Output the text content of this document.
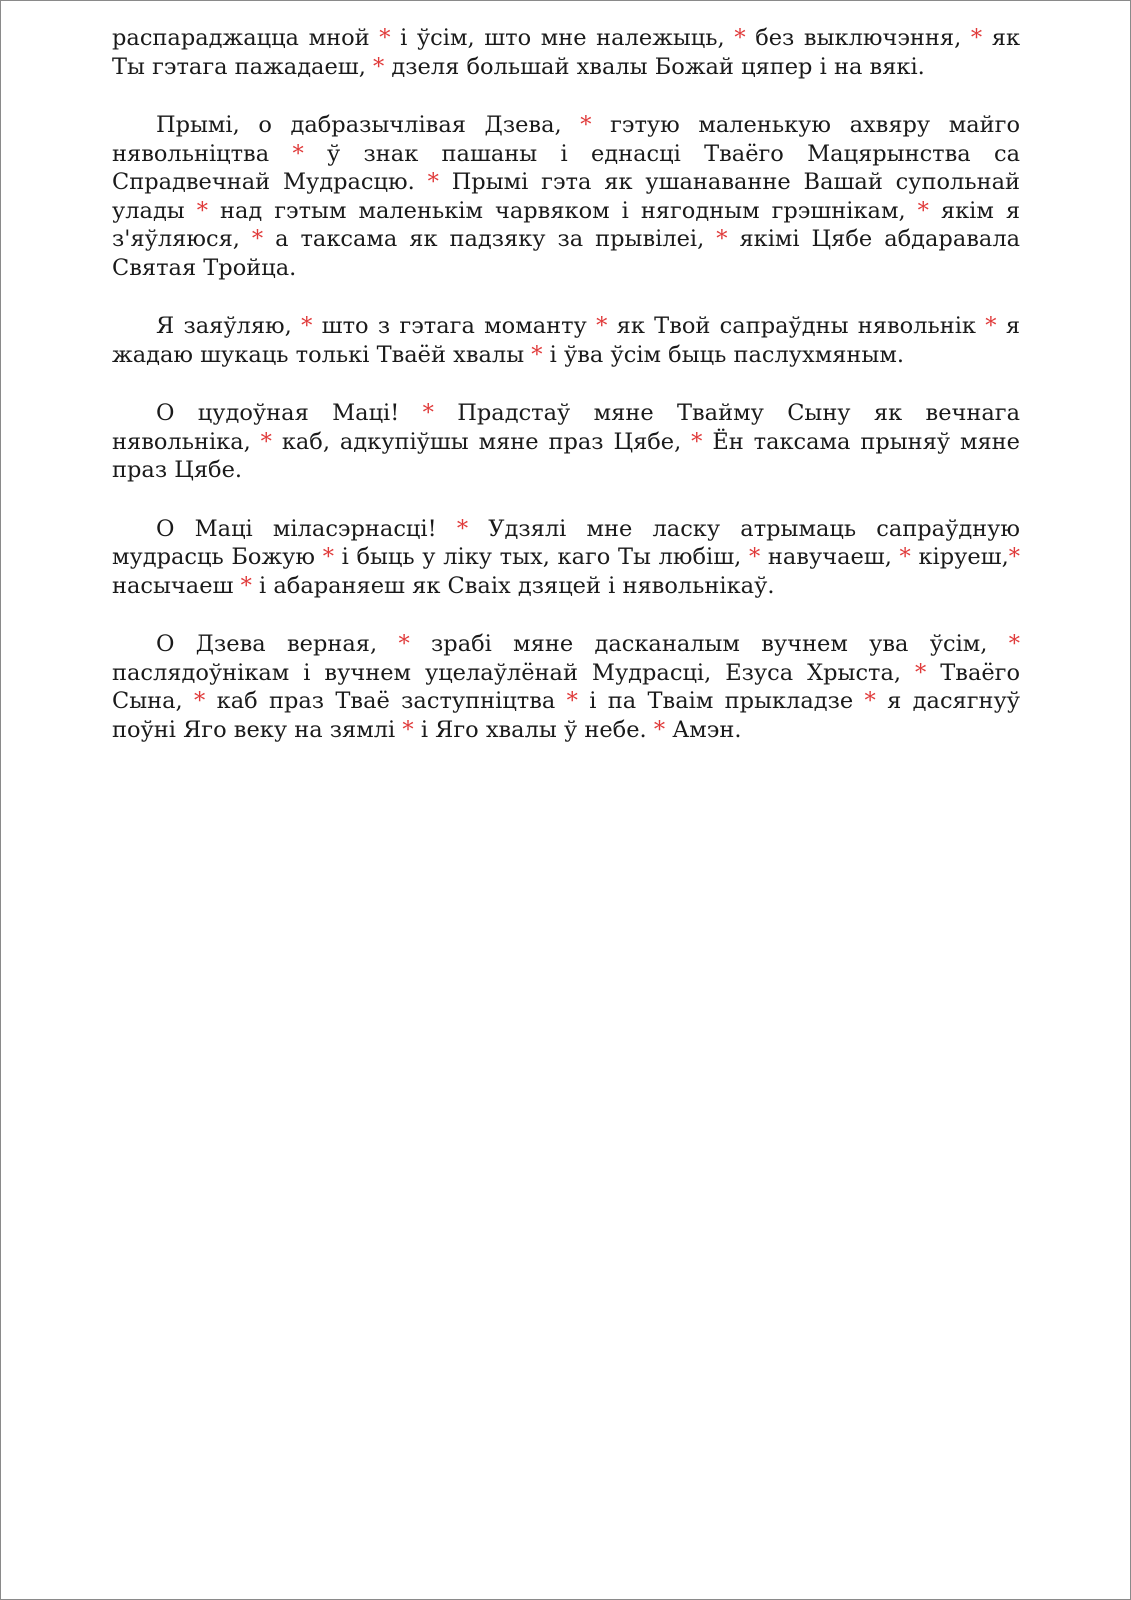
распараджацца мной * і ўсім, што мне належыць, * без выключэння, * як Ты гэтага пажадаеш, * дзеля большай хвалы Божай цяпер і на вякі.

Прымі, о дабразычлівая Дзева, * гэтую маленькую ахвяру майго нявольніцтва * ў знак пашаны і еднасці Тваёго Мацярынства са Спрадвечнай Мудрасцю. * Прымі гэта як ушанаванне Вашай супольнай улады * над гэтым маленькім чарвяком і нягодным грэшнікам, * якім я з'яўляюся, * а таксама як падзяку за прывілеі, * якімі Цябе абдаравала Святая Тройца.

Я заяўляю, * што з гэтага моманту * як Твой сапраўдны нявольнік * я жадаю шукаць толькі Тваёй хвалы * і ўва ўсім быць паслухмяным.

О цудоўная Маці! * Прадстаў мяне Твайму Сыну як вечнага нявольніка, * каб, адкупіўшы мяне праз Цябе, * Ён таксама прыняў мяне праз Цябе.

О Маці міласэрнасці! * Удзялі мне ласку атрымаць сапраўдную мудрасць Божую * і быць у ліку тых, каго Ты любіш, * навучаеш, * кіруеш,* насычаеш * і абараняеш як Сваіх дзяцей і нявольнікаў.

О Дзева верная, * зрабі мяне дасканалым вучнем ува ўсім, * паслядоўнікам і вучнем уцелаўлёнай Мудрасці, Езуса Хрыста, * Тваёго Сына, * каб праз Тваё заступніцтва * і па Тваім прыкладзе * я дасягнуў поўні Яго веку на зямлі * і Яго хвалы ў небе. * Амэн.
